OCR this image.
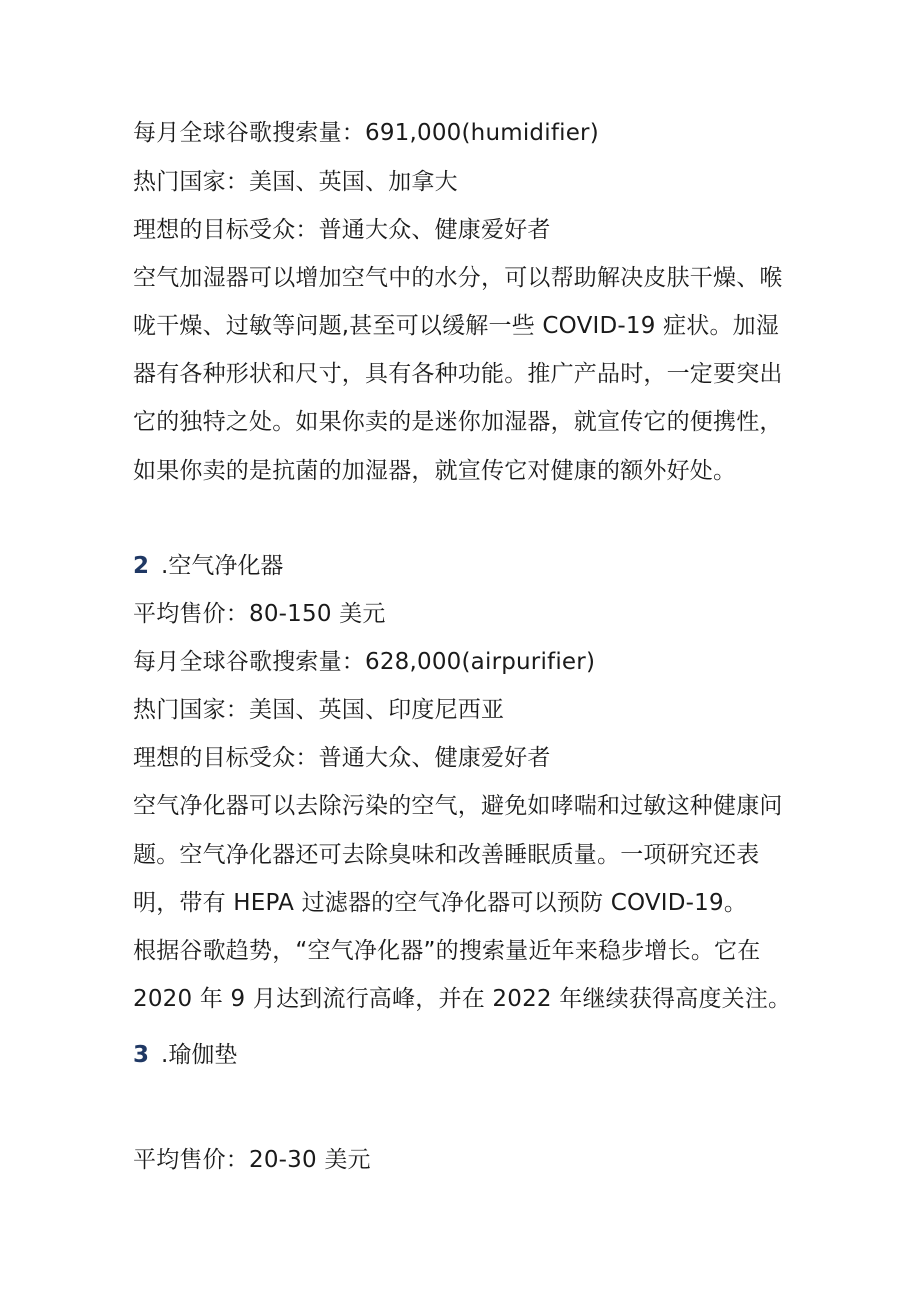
每月全球谷歌搜索量：691,000(humidifier)
热门国家：美国、英国、加拿大
理想的目标受众：普通大众、健康爱好者
空气加湿器可以增加空气中的水分，可以帮助解决皮肤干燥、喉
咙干燥、过敏等问题,甚至可以缓解一些 COVID-19 症状。加湿
器有各种形状和尺寸，具有各种功能。推广产品时，一定要突出
它的独特之处。如果你卖的是迷你加湿器，就宣传它的便携性，
如果你卖的是抗菌的加湿器，就宣传它对健康的额外好处。
2 .空气净化器
平均售价：80-150 美元
每月全球谷歌搜索量：628,000(airpurifier)
热门国家：美国、英国、印度尼西亚
理想的目标受众：普通大众、健康爱好者
空气净化器可以去除污染的空气，避免如哮喘和过敏这种健康问
题。空气净化器还可去除臭味和改善睡眠质量。一项研究还表
明，带有 HEPA 过滤器的空气净化器可以预防 COVID-19。
根据谷歌趋势，“空气净化器”的搜索量近年来稳步增长。它在
2020 年 9 月达到流行高峰，并在 2022 年继续获得高度关注。
3 .瑜伽垫
平均售价：20-30 美元
